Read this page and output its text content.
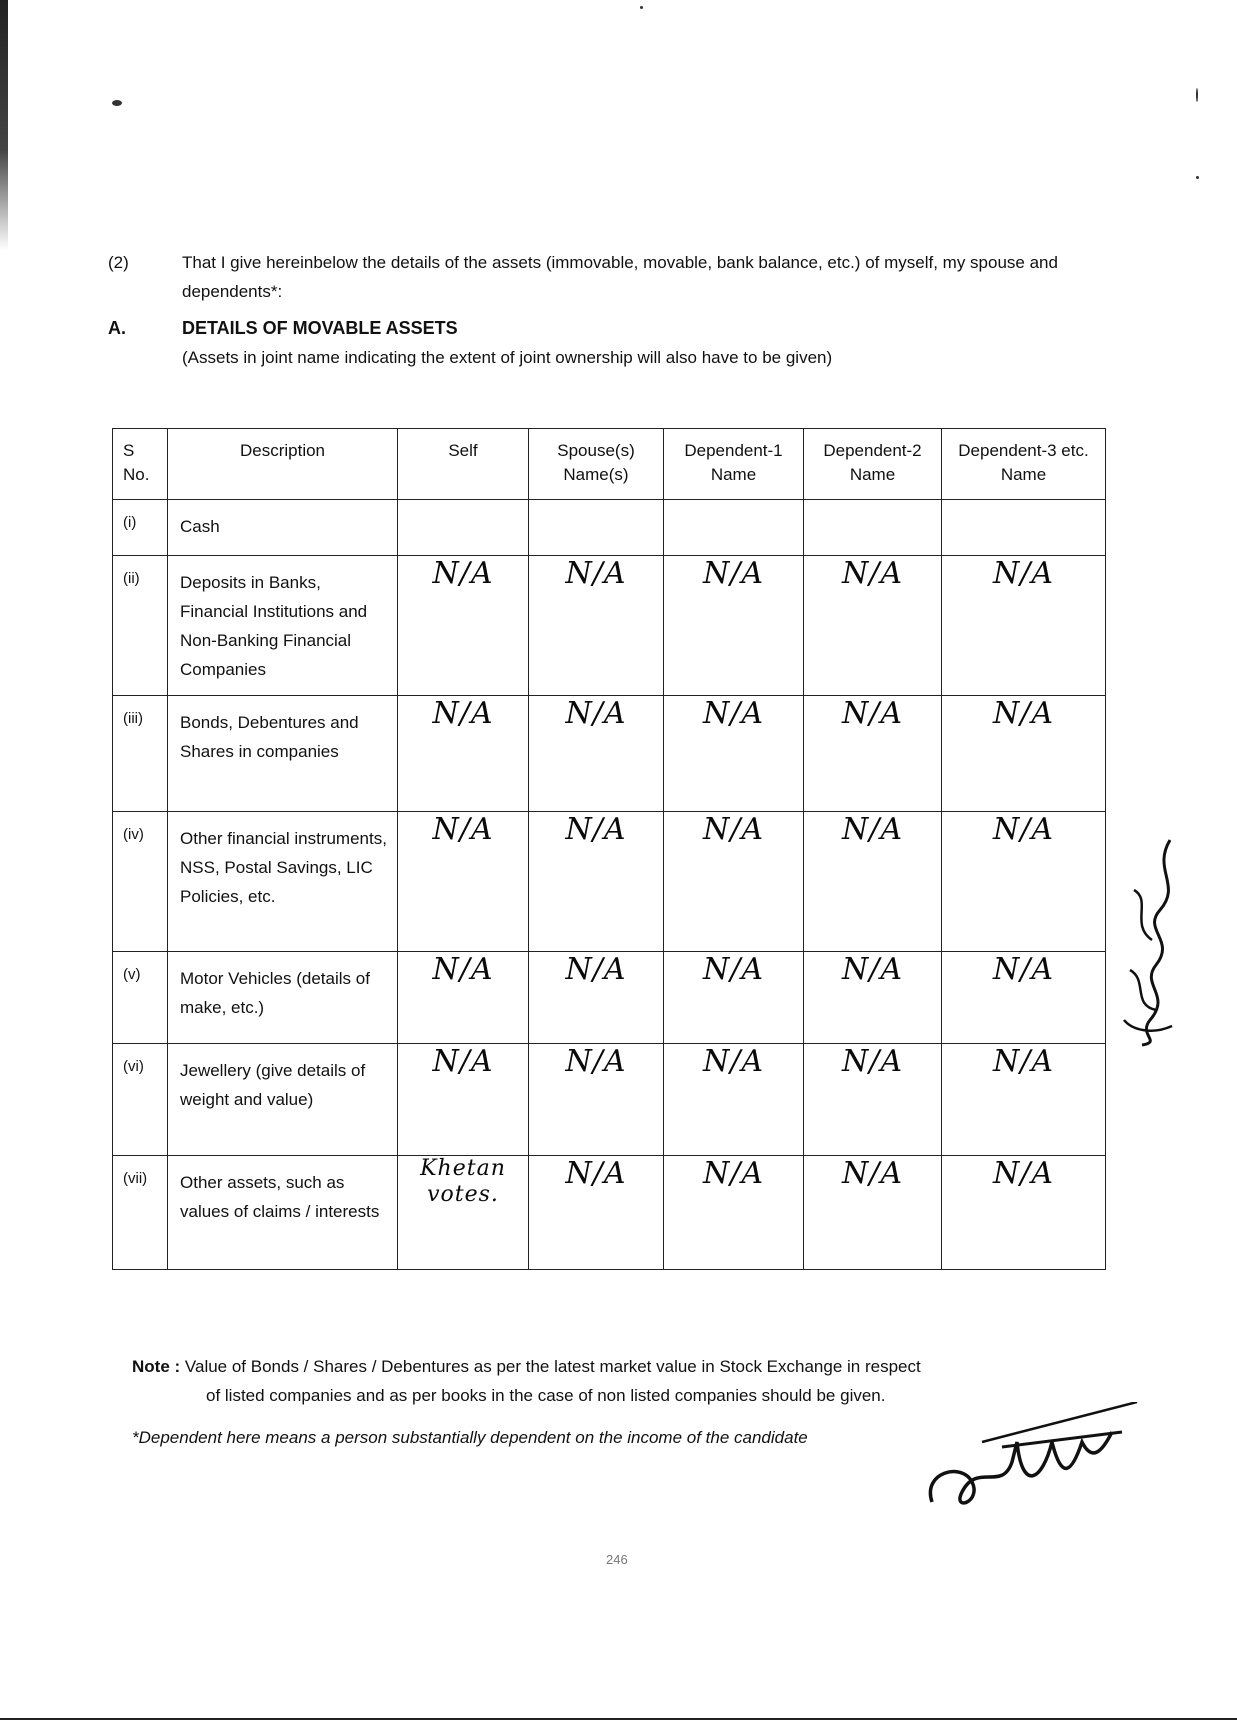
(2)	That I give hereinbelow the details of the assets (immovable, movable, bank balance, etc.) of myself, my spouse and dependents*:
A.	DETAILS OF MOVABLE ASSETS
(Assets in joint name indicating the extent of joint ownership will also have to be given)
S No.	Description	Self	Spouse(s) Name(s)	Dependent-1 Name	Dependent-2 Name	Dependent-3 etc. Name
(i)	Cash					
(ii)	Deposits in Banks, Financial Institutions and Non-Banking Financial Companies	N/A	N/A	N/A	N/A	N/A
(iii)	Bonds, Debentures and Shares in companies	N/A	N/A	N/A	N/A	N/A
(iv)	Other financial instruments, NSS, Postal Savings, LIC Policies, etc.	N/A	N/A	N/A	N/A	N/A
(v)	Motor Vehicles (details of make, etc.)	N/A	N/A	N/A	N/A	N/A
(vi)	Jewellery (give details of weight and value)	N/A	N/A	N/A	N/A	N/A
(vii)	Other assets, such as values of claims / interests	Khetan votes.	N/A	N/A	N/A	N/A
Note : Value of Bonds / Shares / Debentures as per the latest market value in Stock Exchange in respect
of listed companies and as per books in the case of non listed companies should be given.
*Dependent here means a person substantially dependent on the income of the candidate
246
